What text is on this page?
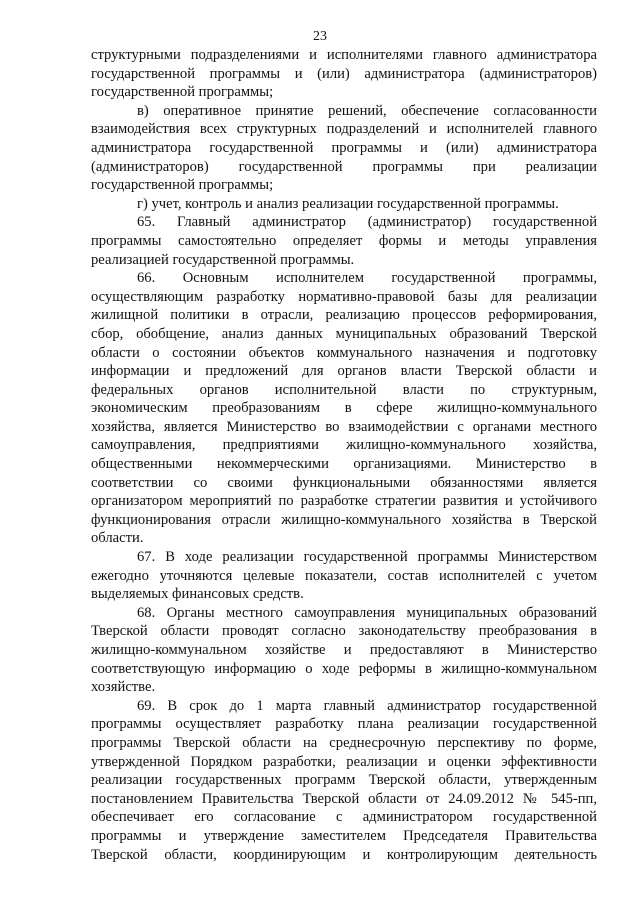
23

структурными подразделениями и исполнителями главного администратора
государственной программы и (или) администратора (администраторов)
государственной программы;

в) оперативное принятие решений, обеспечение согласованности
взаимодействия всех структурных подразделений и исполнителей главного
администратора государственной программы и (или) администратора
(администраторов) государственной программы при реализации
государственной программы;

г) учет, контроль и анализ реализации государственной программы.

65. Главный администратор (администратор) государственной
программы самостоятельно определяет формы и методы управления
реализацией государственной программы.

66. Основным исполнителем государственной программы,
осуществляющим разработку нормативно-правовой базы для реализации
жилищной политики в отрасли, реализацию процессов реформирования,
сбор, обобщение, анализ данных муниципальных образований Тверской
области о состоянии объектов коммунального назначения и подготовку
информации и предложений для органов власти Тверской области и
федеральных органов исполнительной власти по структурным,
экономическим преобразованиям в сфере жилищно-коммунального
хозяйства, является Министерство во взаимодействии с органами местного
самоуправления, предприятиями жилищно-коммунального хозяйства,
общественными некоммерческими организациями. Министерство в
соответствии со своими функциональными обязанностями является
организатором мероприятий по разработке стратегии развития и устойчивого
функционирования отрасли жилищно-коммунального хозяйства в Тверской
области.

67. В ходе реализации государственной программы Министерством
ежегодно уточняются целевые показатели, состав исполнителей с учетом
выделяемых финансовых средств.

68. Органы местного самоуправления муниципальных образований
Тверской области проводят согласно законодательству преобразования в
жилищно-коммунальном хозяйстве и предоставляют в Министерство
соответствующую информацию о ходе реформы в жилищно-коммунальном
хозяйстве.

69. В срок до 1 марта главный администратор государственной
программы осуществляет разработку плана реализации государственной
программы Тверской области на среднесрочную перспективу по форме,
утвержденной Порядком разработки, реализации и оценки эффективности
реализации государственных программ Тверской области, утвержденным
постановлением Правительства Тверской области от 24.09.2012 № 545-пп,
обеспечивает его согласование с администратором государственной
программы и утверждение заместителем Председателя Правительства
Тверской области, координирующим и контролирующим деятельность
